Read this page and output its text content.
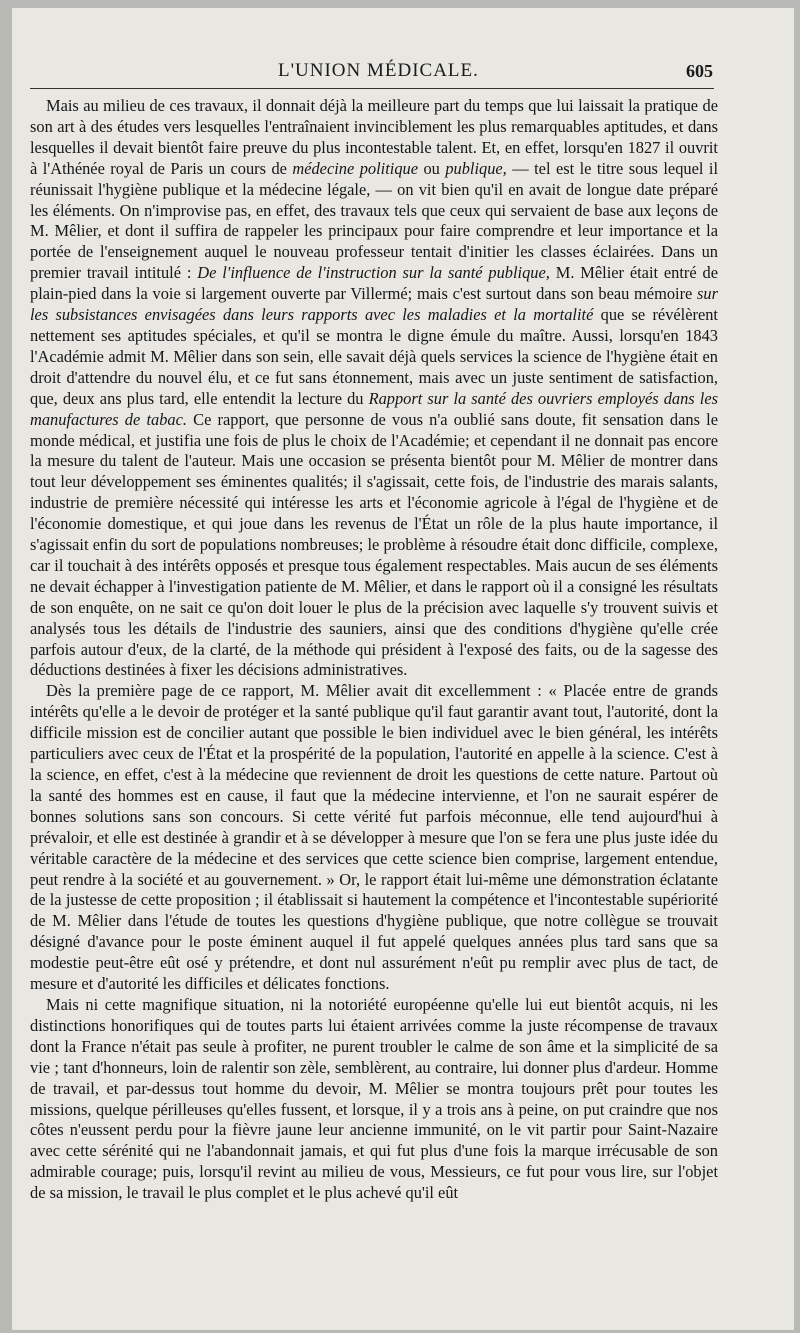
L'UNION MÉDICALE.	605

Mais au milieu de ces travaux, il donnait déjà la meilleure part du temps que lui laissait la pratique de son art à des études vers lesquelles l'entraînaient invinciblement les plus remarquables aptitudes, et dans lesquelles il devait bientôt faire preuve du plus incontestable talent. Et, en effet, lorsqu'en 1827 il ouvrit à l'Athénée royal de Paris un cours de médecine politique ou publique, — tel est le titre sous lequel il réunissait l'hygiène publique et la médecine légale, — on vit bien qu'il en avait de longue date préparé les éléments. On n'improvise pas, en effet, des travaux tels que ceux qui servaient de base aux leçons de M. Mêlier, et dont il suffira de rappeler les principaux pour faire comprendre et leur importance et la portée de l'enseignement auquel le nouveau professeur tentait d'initier les classes éclairées. Dans un premier travail intitulé : De l'influence de l'instruction sur la santé publique, M. Mêlier était entré de plain-pied dans la voie si largement ouverte par Villermé; mais c'est surtout dans son beau mémoire sur les subsistances envisagées dans leurs rapports avec les maladies et la mortalité que se révélèrent nettement ses aptitudes spéciales, et qu'il se montra le digne émule du maître. Aussi, lorsqu'en 1843 l'Académie admit M. Mêlier dans son sein, elle savait déjà quels services la science de l'hygiène était en droit d'attendre du nouvel élu, et ce fut sans étonnement, mais avec un juste sentiment de satisfaction, que, deux ans plus tard, elle entendit la lecture du Rapport sur la santé des ouvriers employés dans les manufactures de tabac. Ce rapport, que personne de vous n'a oublié sans doute, fit sensation dans le monde médical, et justifia une fois de plus le choix de l'Académie; et cependant il ne donnait pas encore la mesure du talent de l'auteur. Mais une occasion se présenta bientôt pour M. Mêlier de montrer dans tout leur développement ses éminentes qualités; il s'agissait, cette fois, de l'industrie des marais salants, industrie de première nécessité qui intéresse les arts et l'économie agricole à l'égal de l'hygiène et de l'économie domestique, et qui joue dans les revenus de l'État un rôle de la plus haute importance, il s'agissait enfin du sort de populations nombreuses; le problème à résoudre était donc difficile, complexe, car il touchait à des intérêts opposés et presque tous également respectables. Mais aucun de ses éléments ne devait échapper à l'investigation patiente de M. Mêlier, et dans le rapport où il a consigné les résultats de son enquête, on ne sait ce qu'on doit louer le plus de la précision avec laquelle s'y trouvent suivis et analysés tous les détails de l'industrie des sauniers, ainsi que des conditions d'hygiène qu'elle crée parfois autour d'eux, de la clarté, de la méthode qui président à l'exposé des faits, ou de la sagesse des déductions destinées à fixer les décisions administratives.

Dès la première page de ce rapport, M. Mêlier avait dit excellemment : « Placée entre de grands intérêts qu'elle a le devoir de protéger et la santé publique qu'il faut garantir avant tout, l'autorité, dont la difficile mission est de concilier autant que possible le bien individuel avec le bien général, les intérêts particuliers avec ceux de l'État et la prospérité de la population, l'autorité en appelle à la science. C'est à la science, en effet, c'est à la médecine que reviennent de droit les questions de cette nature. Partout où la santé des hommes est en cause, il faut que la médecine intervienne, et l'on ne saurait espérer de bonnes solutions sans son concours. Si cette vérité fut parfois méconnue, elle tend aujourd'hui à prévaloir, et elle est destinée à grandir et à se développer à mesure que l'on se fera une plus juste idée du véritable caractère de la médecine et des services que cette science bien comprise, largement entendue, peut rendre à la société et au gouvernement. » Or, le rapport était lui-même une démonstration éclatante de la justesse de cette proposition ; il établissait si hautement la compétence et l'incontestable supériorité de M. Mêlier dans l'étude de toutes les questions d'hygiène publique, que notre collègue se trouvait désigné d'avance pour le poste éminent auquel il fut appelé quelques années plus tard sans que sa modestie peut-être eût osé y prétendre, et dont nul assurément n'eût pu remplir avec plus de tact, de mesure et d'autorité les difficiles et délicates fonctions.

Mais ni cette magnifique situation, ni la notoriété européenne qu'elle lui eut bientôt acquis, ni les distinctions honorifiques qui de toutes parts lui étaient arrivées comme la juste récompense de travaux dont la France n'était pas seule à profiter, ne purent troubler le calme de son âme et la simplicité de sa vie ; tant d'honneurs, loin de ralentir son zèle, semblèrent, au contraire, lui donner plus d'ardeur. Homme de travail, et par-dessus tout homme du devoir, M. Mêlier se montra toujours prêt pour toutes les missions, quelque périlleuses qu'elles fussent, et lorsque, il y a trois ans à peine, on put craindre que nos côtes n'eussent perdu pour la fièvre jaune leur ancienne immunité, on le vit partir pour Saint-Nazaire avec cette sérénité qui ne l'abandonnait jamais, et qui fut plus d'une fois la marque irrécusable de son admirable courage; puis, lorsqu'il revint au milieu de vous, Messieurs, ce fut pour vous lire, sur l'objet de sa mission, le travail le plus complet et le plus achevé qu'il eût
